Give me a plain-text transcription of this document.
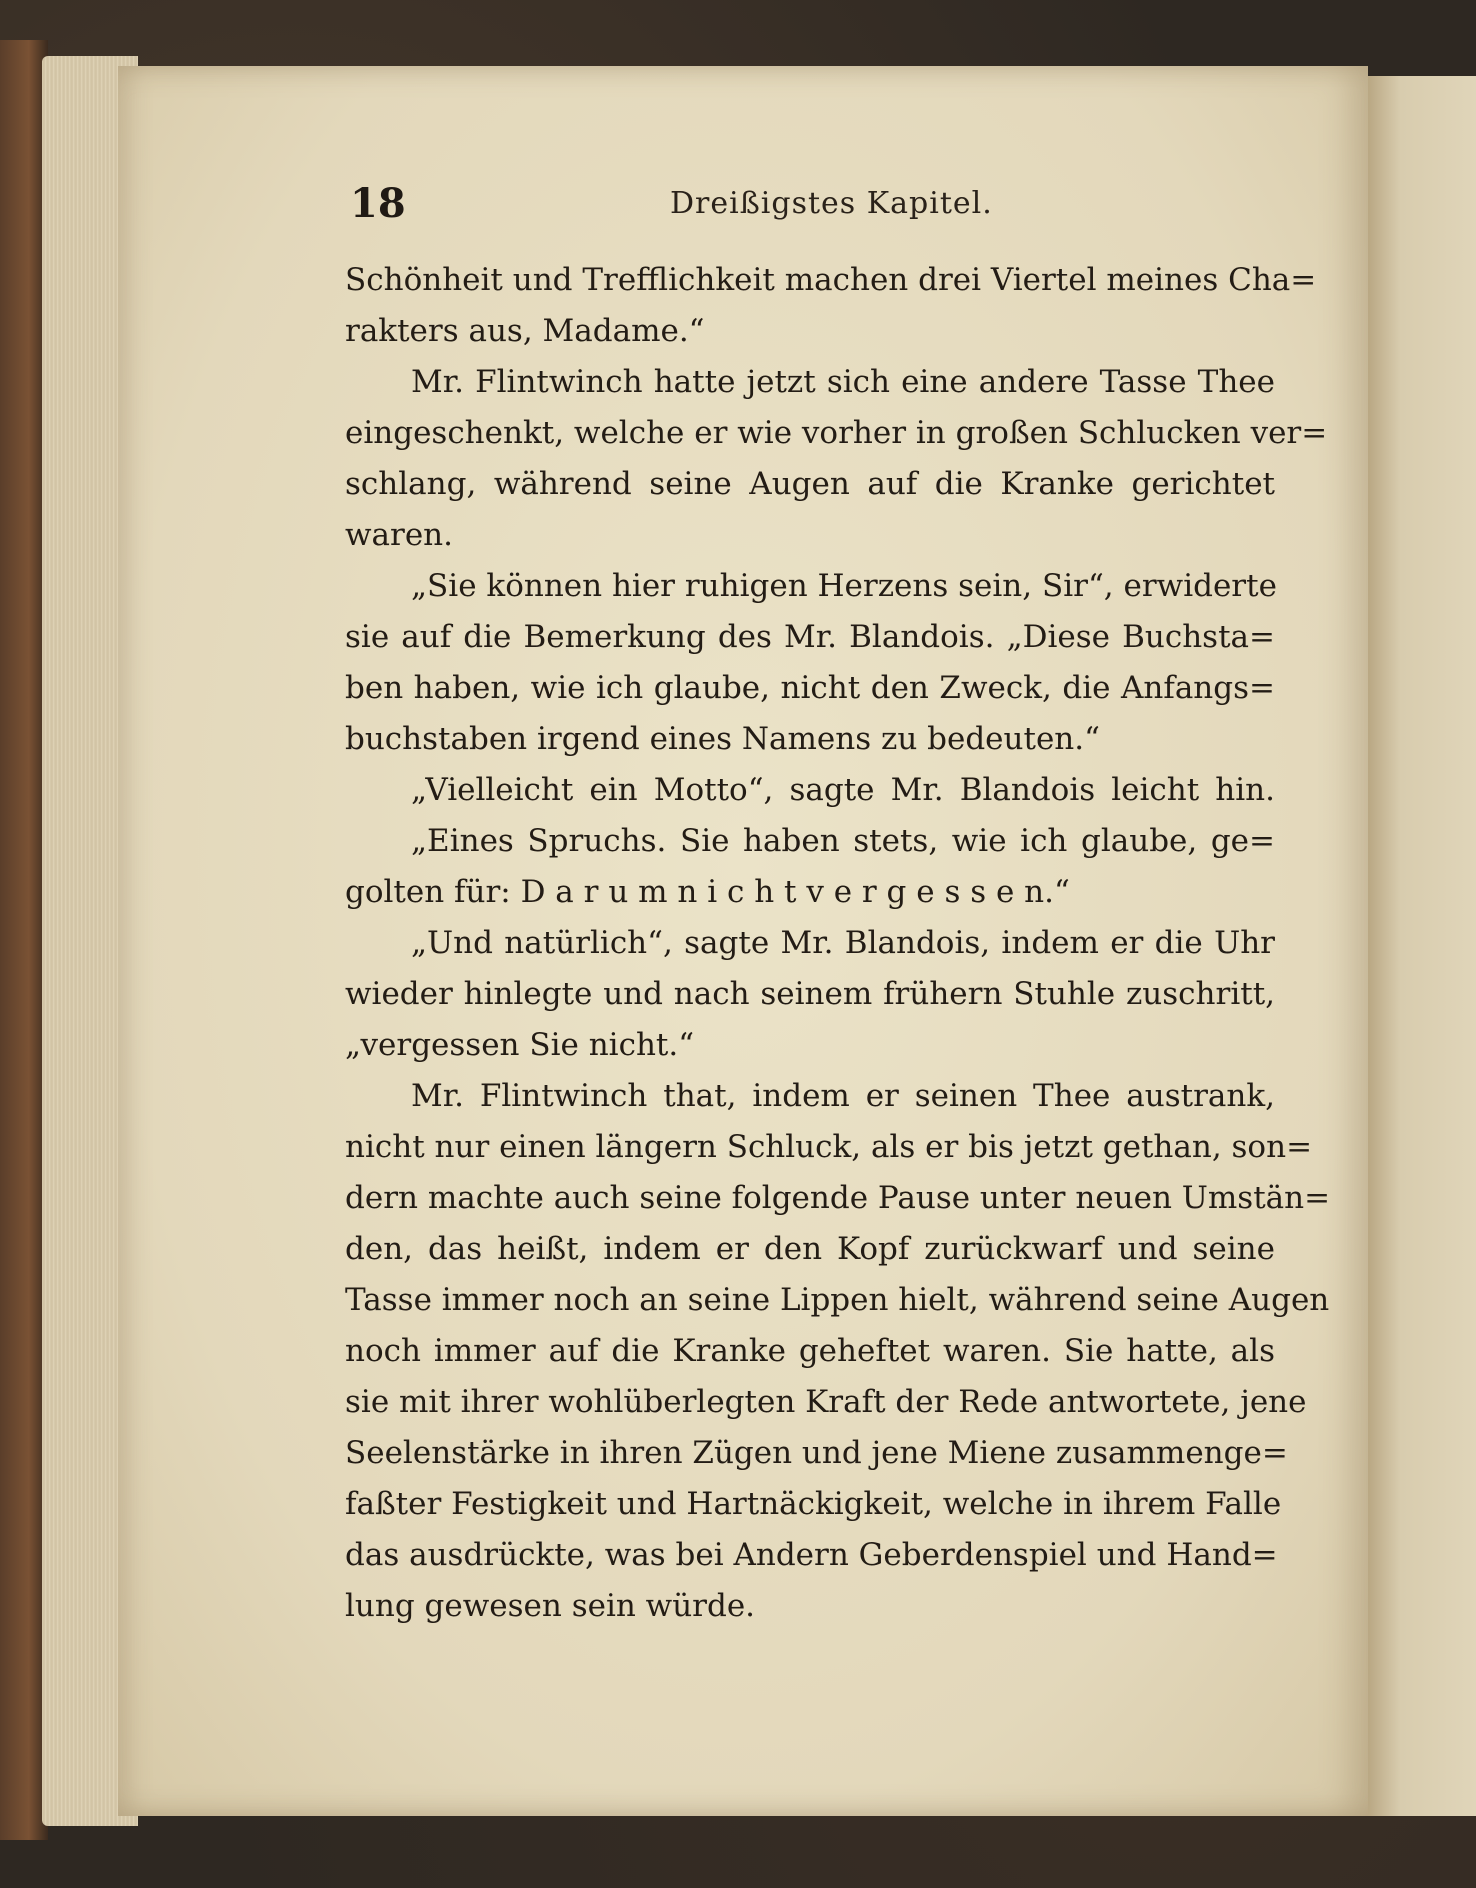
18	Dreißigstes Kapitel.
Schönheit und Trefflichkeit machen drei Viertel meines Cha=
rakters aus, Madame.“
Mr. Flintwinch hatte jetzt sich eine andere Tasse Thee
eingeschenkt, welche er wie vorher in großen Schlucken ver=
schlang, während seine Augen auf die Kranke gerichtet
waren.
„Sie können hier ruhigen Herzens sein, Sir“, erwiderte
sie auf die Bemerkung des Mr. Blandois. „Diese Buchsta=
ben haben, wie ich glaube, nicht den Zweck, die Anfangs=
buchstaben irgend eines Namens zu bedeuten.“
„Vielleicht ein Motto“, sagte Mr. Blandois leicht hin.
„Eines Spruchs. Sie haben stets, wie ich glaube, ge=
golten für: D a r u m n i c h t v e r g e s s e n.“
„Und natürlich“, sagte Mr. Blandois, indem er die Uhr
wieder hinlegte und nach seinem frühern Stuhle zuschritt,
„vergessen Sie nicht.“
Mr. Flintwinch that, indem er seinen Thee austrank,
nicht nur einen längern Schluck, als er bis jetzt gethan, son=
dern machte auch seine folgende Pause unter neuen Umstän=
den, das heißt, indem er den Kopf zurückwarf und seine
Tasse immer noch an seine Lippen hielt, während seine Augen
noch immer auf die Kranke geheftet waren. Sie hatte, als
sie mit ihrer wohlüberlegten Kraft der Rede antwortete, jene
Seelenstärke in ihren Zügen und jene Miene zusammenge=
faßter Festigkeit und Hartnäckigkeit, welche in ihrem Falle
das ausdrückte, was bei Andern Geberdenspiel und Hand=
lung gewesen sein würde.
